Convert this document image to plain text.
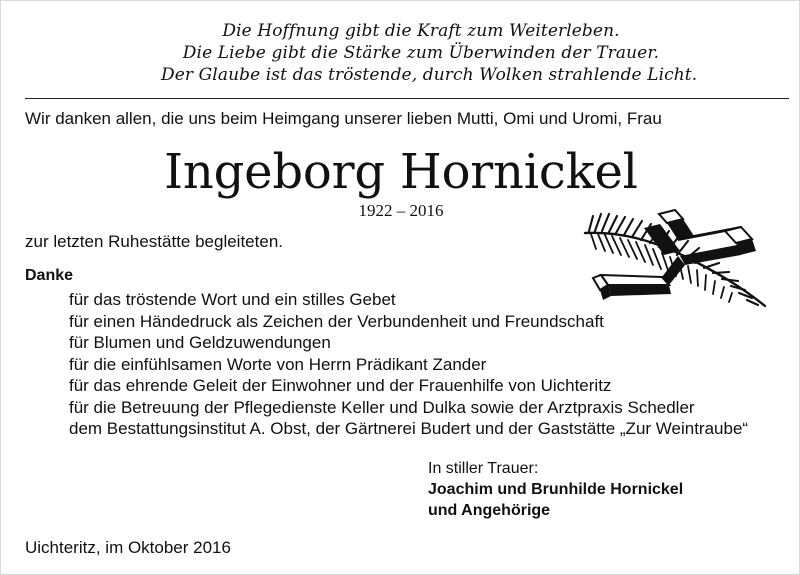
Die Hoffnung gibt die Kraft zum Weiterleben.
Die Liebe gibt die Stärke zum Überwinden der Trauer.
Der Glaube ist das tröstende, durch Wolken strahlende Licht.
Wir danken allen, die uns beim Heimgang unserer lieben Mutti, Omi und Uromi, Frau
Ingeborg Hornickel
1922 – 2016
zur letzten Ruhestätte begleiteten.
Danke
für das tröstende Wort und ein stilles Gebet
für einen Händedruck als Zeichen der Verbundenheit und Freundschaft
für Blumen und Geldzuwendungen
für die einfühlsamen Worte von Herrn Prädikant Zander
für das ehrende Geleit der Einwohner und der Frauenhilfe von Uichteritz
für die Betreuung der Pflegedienste Keller und Dulka sowie der Arztpraxis Schedler
dem Bestattungsinstitut A. Obst, der Gärtnerei Budert und der Gaststätte „Zur Weintraube“
In stiller Trauer:
Joachim und Brunhilde Hornickel
und Angehörige
Uichteritz, im Oktober 2016
